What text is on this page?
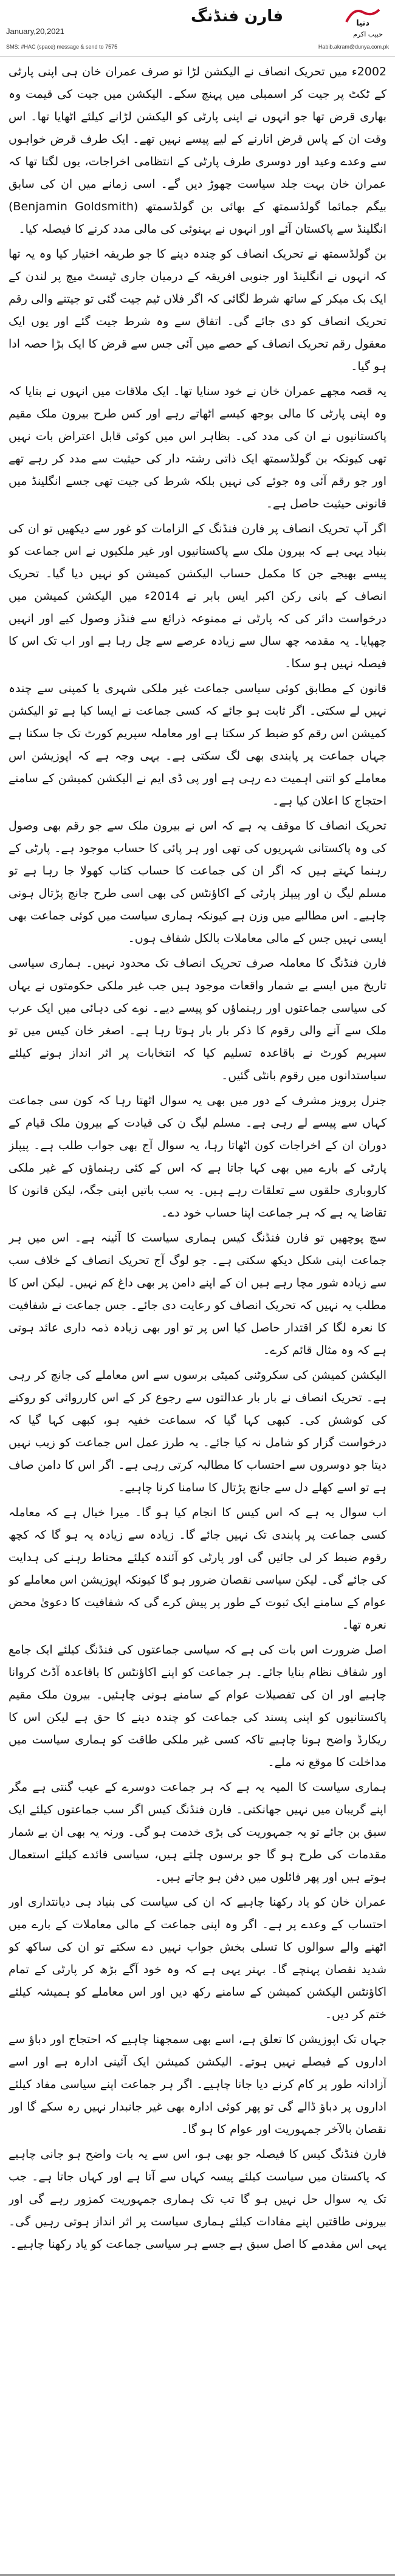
فارن فنڈنگ	دنیا
حبیب اکرم
January,20,2021
SMS: #HAC (space) message & send to 7575	Habib.akram@dunya.com.pk

2002ء میں تحریک انصاف نے الیکشن لڑا تو صرف عمران خان ہی اپنی پارٹی کے ٹکٹ پر جیت کر اسمبلی میں پہنچ سکے۔ الیکشن میں جیت کی قیمت وہ بھاری قرض تھا جو انہوں نے اپنی پارٹی کو الیکشن لڑانے کیلئے اٹھایا تھا۔ اس وقت ان کے پاس قرض اتارنے کے لیے پیسے نہیں تھے۔ ایک طرف قرض خواہوں سے وعدے وعید اور دوسری طرف پارٹی کے انتظامی اخراجات، یوں لگتا تھا کہ عمران خان بہت جلد سیاست چھوڑ دیں گے۔ اسی زمانے میں ان کی سابق بیگم جمائما گولڈسمتھ کے بھائی بن گولڈسمتھ (Benjamin Goldsmith) انگلینڈ سے پاکستان آئے اور انہوں نے بہنوئی کی مالی مدد کرنے کا فیصلہ کیا۔

بن گولڈسمتھ نے تحریک انصاف کو چندہ دینے کا جو طریقہ اختیار کیا وہ یہ تھا کہ انہوں نے انگلینڈ اور جنوبی افریقہ کے درمیان جاری ٹیسٹ میچ پر لندن کے ایک بک میکر کے ساتھ شرط لگائی کہ اگر فلاں ٹیم جیت گئی تو جیتنے والی رقم تحریک انصاف کو دی جائے گی۔ اتفاق سے وہ شرط جیت گئے اور یوں ایک معقول رقم تحریک انصاف کے حصے میں آئی جس سے قرض کا ایک بڑا حصہ ادا ہو گیا۔

یہ قصہ مجھے عمران خان نے خود سنایا تھا۔ ایک ملاقات میں انہوں نے بتایا کہ وہ اپنی پارٹی کا مالی بوجھ کیسے اٹھاتے رہے اور کس طرح بیرون ملک مقیم پاکستانیوں نے ان کی مدد کی۔ بظاہر اس میں کوئی قابل اعتراض بات نہیں تھی کیونکہ بن گولڈسمتھ ایک ذاتی رشتہ دار کی حیثیت سے مدد کر رہے تھے اور جو رقم آئی وہ جوئے کی نہیں بلکہ شرط کی جیت تھی جسے انگلینڈ میں قانونی حیثیت حاصل ہے۔

اگر آپ تحریک انصاف پر فارن فنڈنگ کے الزامات کو غور سے دیکھیں تو ان کی بنیاد یہی ہے کہ بیرون ملک سے پاکستانیوں اور غیر ملکیوں نے اس جماعت کو پیسے بھیجے جن کا مکمل حساب الیکشن کمیشن کو نہیں دیا گیا۔ تحریک انصاف کے بانی رکن اکبر ایس بابر نے 2014ء میں الیکشن کمیشن میں درخواست دائر کی کہ پارٹی نے ممنوعہ ذرائع سے فنڈز وصول کیے اور انہیں چھپایا۔ یہ مقدمہ چھ سال سے زیادہ عرصے سے چل رہا ہے اور اب تک اس کا فیصلہ نہیں ہو سکا۔

قانون کے مطابق کوئی سیاسی جماعت غیر ملکی شہری یا کمپنی سے چندہ نہیں لے سکتی۔ اگر ثابت ہو جائے کہ کسی جماعت نے ایسا کیا ہے تو الیکشن کمیشن اس رقم کو ضبط کر سکتا ہے اور معاملہ سپریم کورٹ تک جا سکتا ہے جہاں جماعت پر پابندی بھی لگ سکتی ہے۔ یہی وجہ ہے کہ اپوزیشن اس معاملے کو اتنی اہمیت دے رہی ہے اور پی ڈی ایم نے الیکشن کمیشن کے سامنے احتجاج کا اعلان کیا ہے۔

تحریک انصاف کا موقف یہ ہے کہ اس نے بیرون ملک سے جو رقم بھی وصول کی وہ پاکستانی شہریوں کی تھی اور ہر پائی کا حساب موجود ہے۔ پارٹی کے رہنما کہتے ہیں کہ اگر ان کی جماعت کا حساب کتاب کھولا جا رہا ہے تو مسلم لیگ ن اور پیپلز پارٹی کے اکاؤنٹس کی بھی اسی طرح جانچ پڑتال ہونی چاہیے۔ اس مطالبے میں وزن ہے کیونکہ ہماری سیاست میں کوئی جماعت بھی ایسی نہیں جس کے مالی معاملات بالکل شفاف ہوں۔

فارن فنڈنگ کا معاملہ صرف تحریک انصاف تک محدود نہیں۔ ہماری سیاسی تاریخ میں ایسے بے شمار واقعات موجود ہیں جب غیر ملکی حکومتوں نے یہاں کی سیاسی جماعتوں اور رہنماؤں کو پیسے دیے۔ نوے کی دہائی میں ایک عرب ملک سے آنے والی رقوم کا ذکر بار بار ہوتا رہا ہے۔ اصغر خان کیس میں تو سپریم کورٹ نے باقاعدہ تسلیم کیا کہ انتخابات پر اثر انداز ہونے کیلئے سیاستدانوں میں رقوم بانٹی گئیں۔

جنرل پرویز مشرف کے دور میں بھی یہ سوال اٹھتا رہا کہ کون سی جماعت کہاں سے پیسے لے رہی ہے۔ مسلم لیگ ن کی قیادت کے بیرون ملک قیام کے دوران ان کے اخراجات کون اٹھاتا رہا، یہ سوال آج بھی جواب طلب ہے۔ پیپلز پارٹی کے بارے میں بھی کہا جاتا ہے کہ اس کے کئی رہنماؤں کے غیر ملکی کاروباری حلقوں سے تعلقات رہے ہیں۔ یہ سب باتیں اپنی جگہ، لیکن قانون کا تقاضا یہ ہے کہ ہر جماعت اپنا حساب خود دے۔

سچ پوچھیں تو فارن فنڈنگ کیس ہماری سیاست کا آئینہ ہے۔ اس میں ہر جماعت اپنی شکل دیکھ سکتی ہے۔ جو لوگ آج تحریک انصاف کے خلاف سب سے زیادہ شور مچا رہے ہیں ان کے اپنے دامن پر بھی داغ کم نہیں۔ لیکن اس کا مطلب یہ نہیں کہ تحریک انصاف کو رعایت دی جائے۔ جس جماعت نے شفافیت کا نعرہ لگا کر اقتدار حاصل کیا اس پر تو اور بھی زیادہ ذمہ داری عائد ہوتی ہے کہ وہ مثال قائم کرے۔

الیکشن کمیشن کی سکروٹنی کمیٹی برسوں سے اس معاملے کی جانچ کر رہی ہے۔ تحریک انصاف نے بار بار عدالتوں سے رجوع کر کے اس کارروائی کو روکنے کی کوشش کی۔ کبھی کہا گیا کہ سماعت خفیہ ہو، کبھی کہا گیا کہ درخواست گزار کو شامل نہ کیا جائے۔ یہ طرز عمل اس جماعت کو زیب نہیں دیتا جو دوسروں سے احتساب کا مطالبہ کرتی رہی ہے۔ اگر اس کا دامن صاف ہے تو اسے کھلے دل سے جانچ پڑتال کا سامنا کرنا چاہیے۔

اب سوال یہ ہے کہ اس کیس کا انجام کیا ہو گا۔ میرا خیال ہے کہ معاملہ کسی جماعت پر پابندی تک نہیں جائے گا۔ زیادہ سے زیادہ یہ ہو گا کہ کچھ رقوم ضبط کر لی جائیں گی اور پارٹی کو آئندہ کیلئے محتاط رہنے کی ہدایت کی جائے گی۔ لیکن سیاسی نقصان ضرور ہو گا کیونکہ اپوزیشن اس معاملے کو عوام کے سامنے ایک ثبوت کے طور پر پیش کرے گی کہ شفافیت کا دعویٰ محض نعرہ تھا۔

اصل ضرورت اس بات کی ہے کہ سیاسی جماعتوں کی فنڈنگ کیلئے ایک جامع اور شفاف نظام بنایا جائے۔ ہر جماعت کو اپنے اکاؤنٹس کا باقاعدہ آڈٹ کروانا چاہیے اور ان کی تفصیلات عوام کے سامنے ہونی چاہئیں۔ بیرون ملک مقیم پاکستانیوں کو اپنی پسند کی جماعت کو چندہ دینے کا حق ہے لیکن اس کا ریکارڈ واضح ہونا چاہیے تاکہ کسی غیر ملکی طاقت کو ہماری سیاست میں مداخلت کا موقع نہ ملے۔

ہماری سیاست کا المیہ یہ ہے کہ ہر جماعت دوسرے کے عیب گنتی ہے مگر اپنے گریبان میں نہیں جھانکتی۔ فارن فنڈنگ کیس اگر سب جماعتوں کیلئے ایک سبق بن جائے تو یہ جمہوریت کی بڑی خدمت ہو گی۔ ورنہ یہ بھی ان بے شمار مقدمات کی طرح ہو گا جو برسوں چلتے ہیں، سیاسی فائدے کیلئے استعمال ہوتے ہیں اور پھر فائلوں میں دفن ہو جاتے ہیں۔

عمران خان کو یاد رکھنا چاہیے کہ ان کی سیاست کی بنیاد ہی دیانتداری اور احتساب کے وعدے پر ہے۔ اگر وہ اپنی جماعت کے مالی معاملات کے بارے میں اٹھنے والے سوالوں کا تسلی بخش جواب نہیں دے سکتے تو ان کی ساکھ کو شدید نقصان پہنچے گا۔ بہتر یہی ہے کہ وہ خود آگے بڑھ کر پارٹی کے تمام اکاؤنٹس الیکشن کمیشن کے سامنے رکھ دیں اور اس معاملے کو ہمیشہ کیلئے ختم کر دیں۔

جہاں تک اپوزیشن کا تعلق ہے، اسے بھی سمجھنا چاہیے کہ احتجاج اور دباؤ سے اداروں کے فیصلے نہیں ہوتے۔ الیکشن کمیشن ایک آئینی ادارہ ہے اور اسے آزادانہ طور پر کام کرنے دیا جانا چاہیے۔ اگر ہر جماعت اپنے سیاسی مفاد کیلئے اداروں پر دباؤ ڈالے گی تو پھر کوئی ادارہ بھی غیر جانبدار نہیں رہ سکے گا اور نقصان بالآخر جمہوریت اور عوام کا ہو گا۔

فارن فنڈنگ کیس کا فیصلہ جو بھی ہو، اس سے یہ بات واضح ہو جانی چاہیے کہ پاکستان میں سیاست کیلئے پیسہ کہاں سے آتا ہے اور کہاں جاتا ہے۔ جب تک یہ سوال حل نہیں ہو گا تب تک ہماری جمہوریت کمزور رہے گی اور بیرونی طاقتیں اپنے مفادات کیلئے ہماری سیاست پر اثر انداز ہوتی رہیں گی۔ یہی اس مقدمے کا اصل سبق ہے جسے ہر سیاسی جماعت کو یاد رکھنا چاہیے۔
